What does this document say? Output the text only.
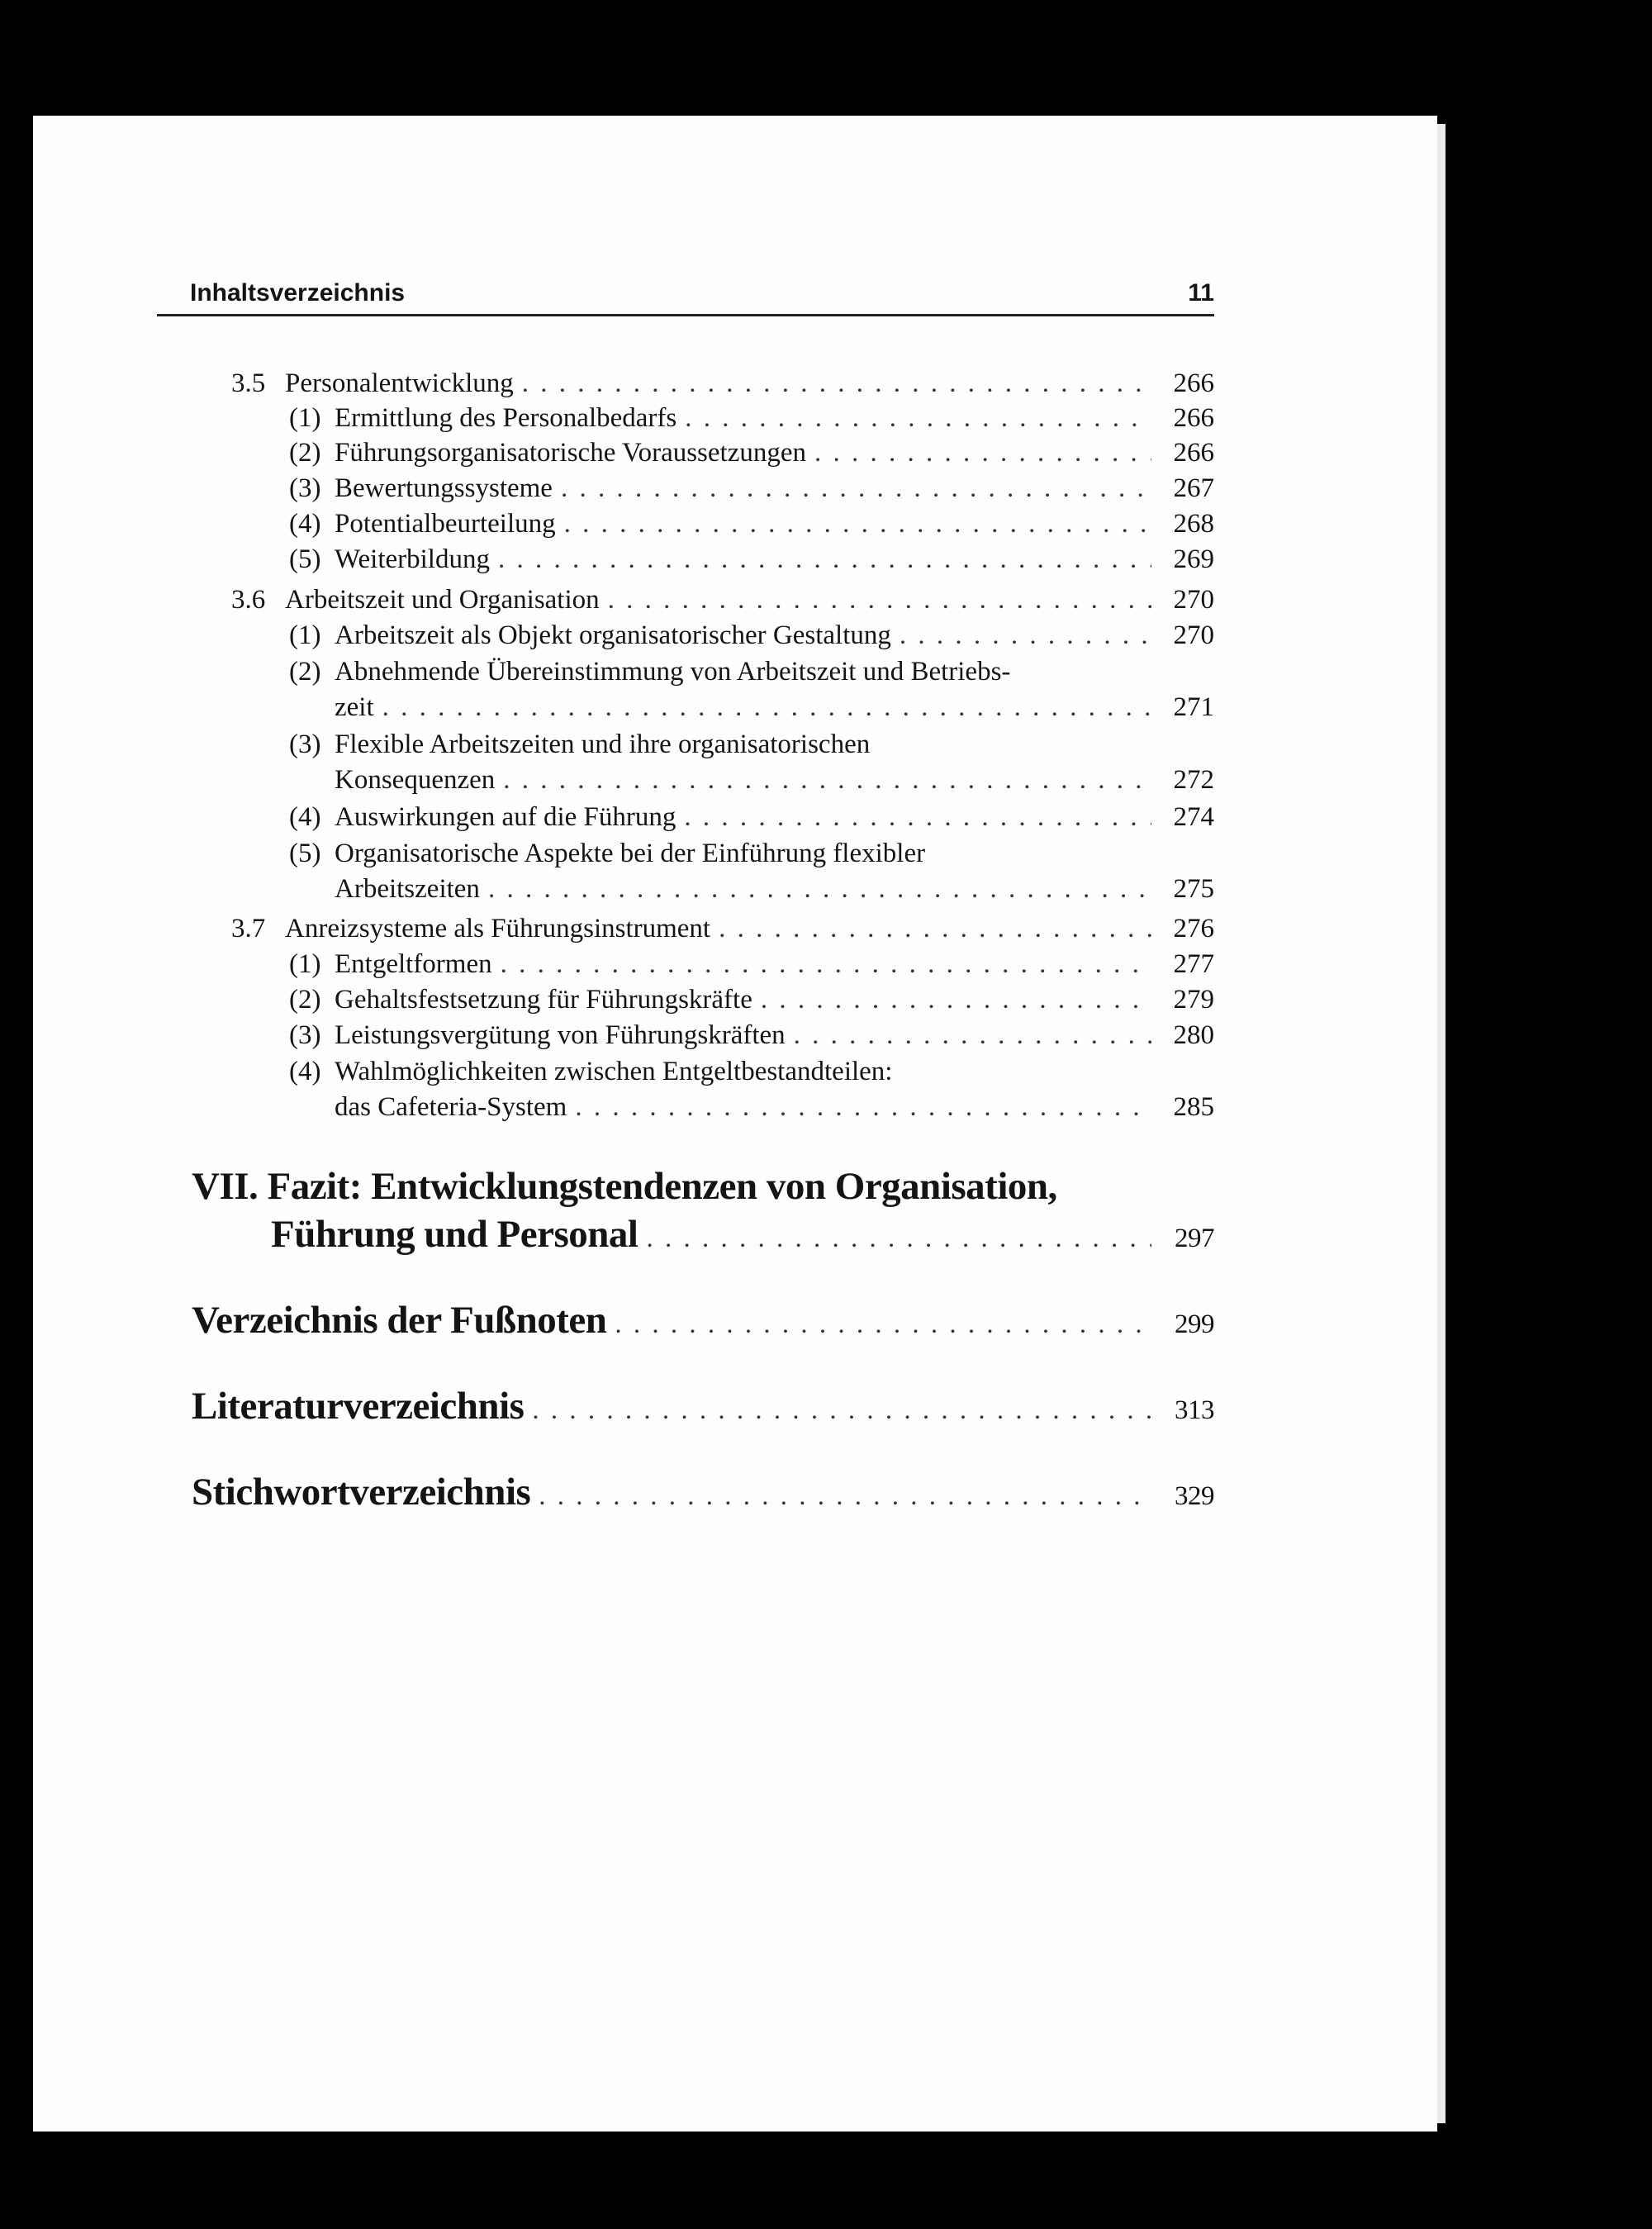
Inhaltsverzeichnis	11
3.5 Personalentwicklung . . .	266
(1) Ermittlung des Personalbedarfs . . .	266
(2) Führungsorganisatorische Voraussetzungen . . .	266
(3) Bewertungssysteme . . .	267
(4) Potentialbeurteilung . . .	268
(5) Weiterbildung . . .	269
3.6 Arbeitszeit und Organisation . . .	270
(1) Arbeitszeit als Objekt organisatorischer Gestaltung . . .	270
(2) Abnehmende Übereinstimmung von Arbeitszeit und Betriebs-
zeit . . .	271
(3) Flexible Arbeitszeiten und ihre organisatorischen
Konsequenzen . . .	272
(4) Auswirkungen auf die Führung . . .	274
(5) Organisatorische Aspekte bei der Einführung flexibler
Arbeitszeiten . . .	275
3.7 Anreizsysteme als Führungsinstrument . . .	276
(1) Entgeltformen . . .	277
(2) Gehaltsfestsetzung für Führungskräfte . . .	279
(3) Leistungsvergütung von Führungskräften . . .	280
(4) Wahlmöglichkeiten zwischen Entgeltbestandteilen:
das Cafeteria-System . . .	285
VII. Fazit: Entwicklungstendenzen von Organisation,
Führung und Personal . . .	297
Verzeichnis der Fußnoten . . .	299
Literaturverzeichnis . . .	313
Stichwortverzeichnis . . .	329
